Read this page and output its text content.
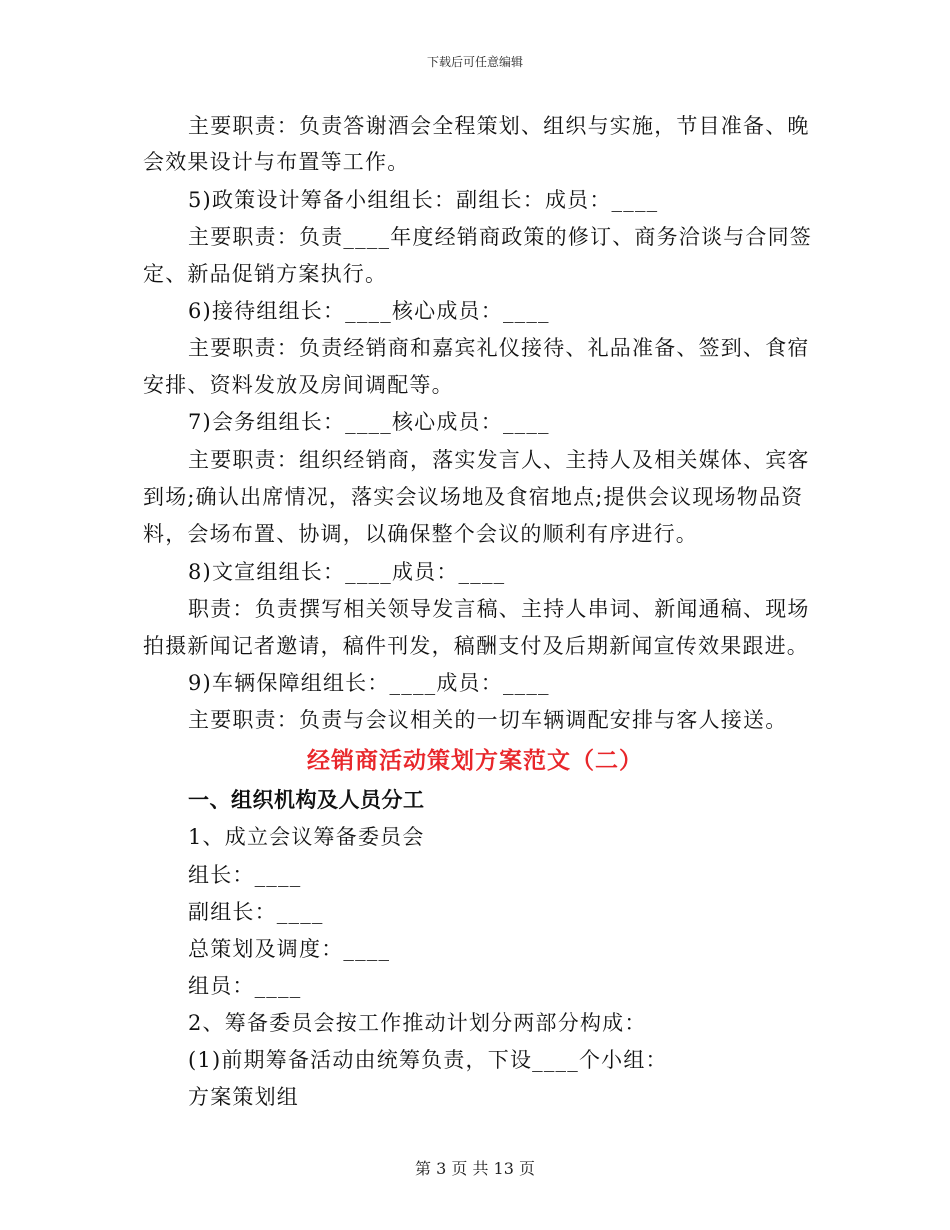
下载后可任意编辑
主要职责：负责答谢酒会全程策划、组织与实施，节目准备、晚
会效果设计与布置等工作。
5)政策设计筹备小组组长：副组长：成员：____
主要职责：负责____年度经销商政策的修订、商务洽谈与合同签
定、新品促销方案执行。
6)接待组组长：____核心成员：____
主要职责：负责经销商和嘉宾礼仪接待、礼品准备、签到、食宿
安排、资料发放及房间调配等。
7)会务组组长：____核心成员：____
主要职责：组织经销商，落实发言人、主持人及相关媒体、宾客
到场;确认出席情况，落实会议场地及食宿地点;提供会议现场物品资
料，会场布置、协调，以确保整个会议的顺利有序进行。
8)文宣组组长：____成员：____
职责：负责撰写相关领导发言稿、主持人串词、新闻通稿、现场
拍摄新闻记者邀请，稿件刊发，稿酬支付及后期新闻宣传效果跟进。
9)车辆保障组组长：____成员：____
主要职责：负责与会议相关的一切车辆调配安排与客人接送。
经销商活动策划方案范文（二）
一、组织机构及人员分工
1、成立会议筹备委员会
组长：____
副组长：____
总策划及调度：____
组员：____
2、筹备委员会按工作推动计划分两部分构成：
(1)前期筹备活动由统筹负责，下设____个小组：
方案策划组
第 3 页 共 13 页
